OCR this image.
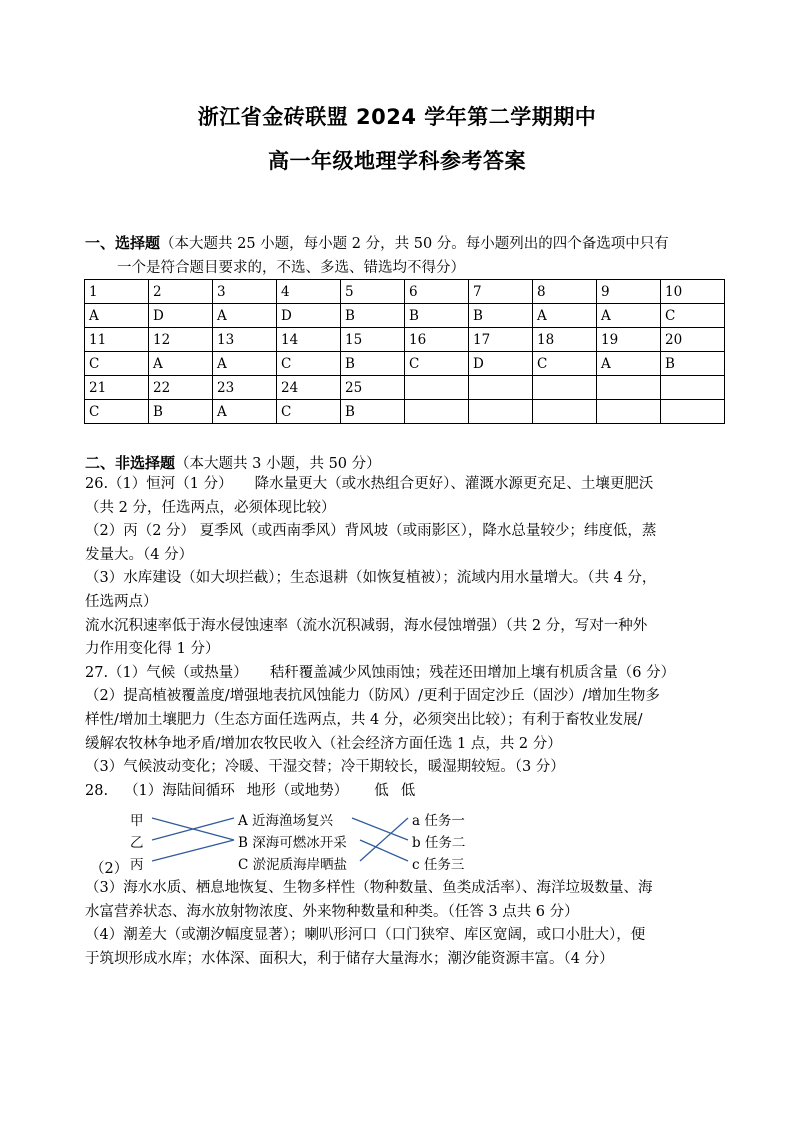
浙江省金砖联盟 2024 学年第二学期期中
高一年级地理学科参考答案
一、选择题（本大题共 25 小题，每小题 2 分，共 50 分。每小题列出的四个备选项中只有
一个是符合题目要求的，不选、多选、错选均不得分）
1	2	3	4	5	6	7	8	9	10
A	D	A	D	B	B	B	A	A	C
11	12	13	14	15	16	17	18	19	20
C	A	A	C	B	C	D	C	A	B
21	22	23	24	25					
C	B	A	C	B					
二、非选择题（本大题共 3 小题，共 50 分）

26.（1）恒河（1 分） 降水量更大（或水热组合更好）、灌溉水源更充足、土壤更肥沃

（共 2 分，任选两点，必须体现比较）

（2）丙（2 分） 夏季风（或西南季风）背风坡（或雨影区），降水总量较少；纬度低，蒸

发量大。（4 分）

（3）水库建设（如大坝拦截）；生态退耕（如恢复植被）；流域内用水量增大。（共 4 分，

任选两点）

流水沉积速率低于海水侵蚀速率（流水沉积减弱，海水侵蚀增强）（共 2 分，写对一种外

力作用变化得 1 分）

27.（1）气候（或热量） 秸秆覆盖减少风蚀雨蚀；残茬还田增加上壤有机质含量（6 分）

（2）提高植被覆盖度/增强地表抗风蚀能力（防风）/更利于固定沙丘（固沙）/增加生物多

样性/增加土壤肥力（生态方面任选两点，共 4 分，必须突出比较）；有利于畜牧业发展/

缓解农牧林争地矛盾/增加农牧民收入（社会经济方面任选 1 点，共 2 分）

（3）气候波动变化；冷暖、干湿交替；冷干期较长，暖湿期较短。（3 分）

28. （1）海陆间循环 地形（或地势） 低 低

甲
乙
丙
（2）
A 近海渔场复兴
B 深海可燃冰开采
C 淤泥质海岸晒盐
a 任务一
b 任务二
c 任务三

（3）海水水质、栖息地恢复、生物多样性（物种数量、鱼类成活率）、海洋垃圾数量、海

水富营养状态、海水放射物浓度、外来物种数量和种类。（任答 3 点共 6 分）

（4）潮差大（或潮汐幅度显著）；喇叭形河口（口门狭窄、库区宽阔，或口小肚大），便

于筑坝形成水库；水体深、面积大，利于储存大量海水；潮汐能资源丰富。（4 分）
